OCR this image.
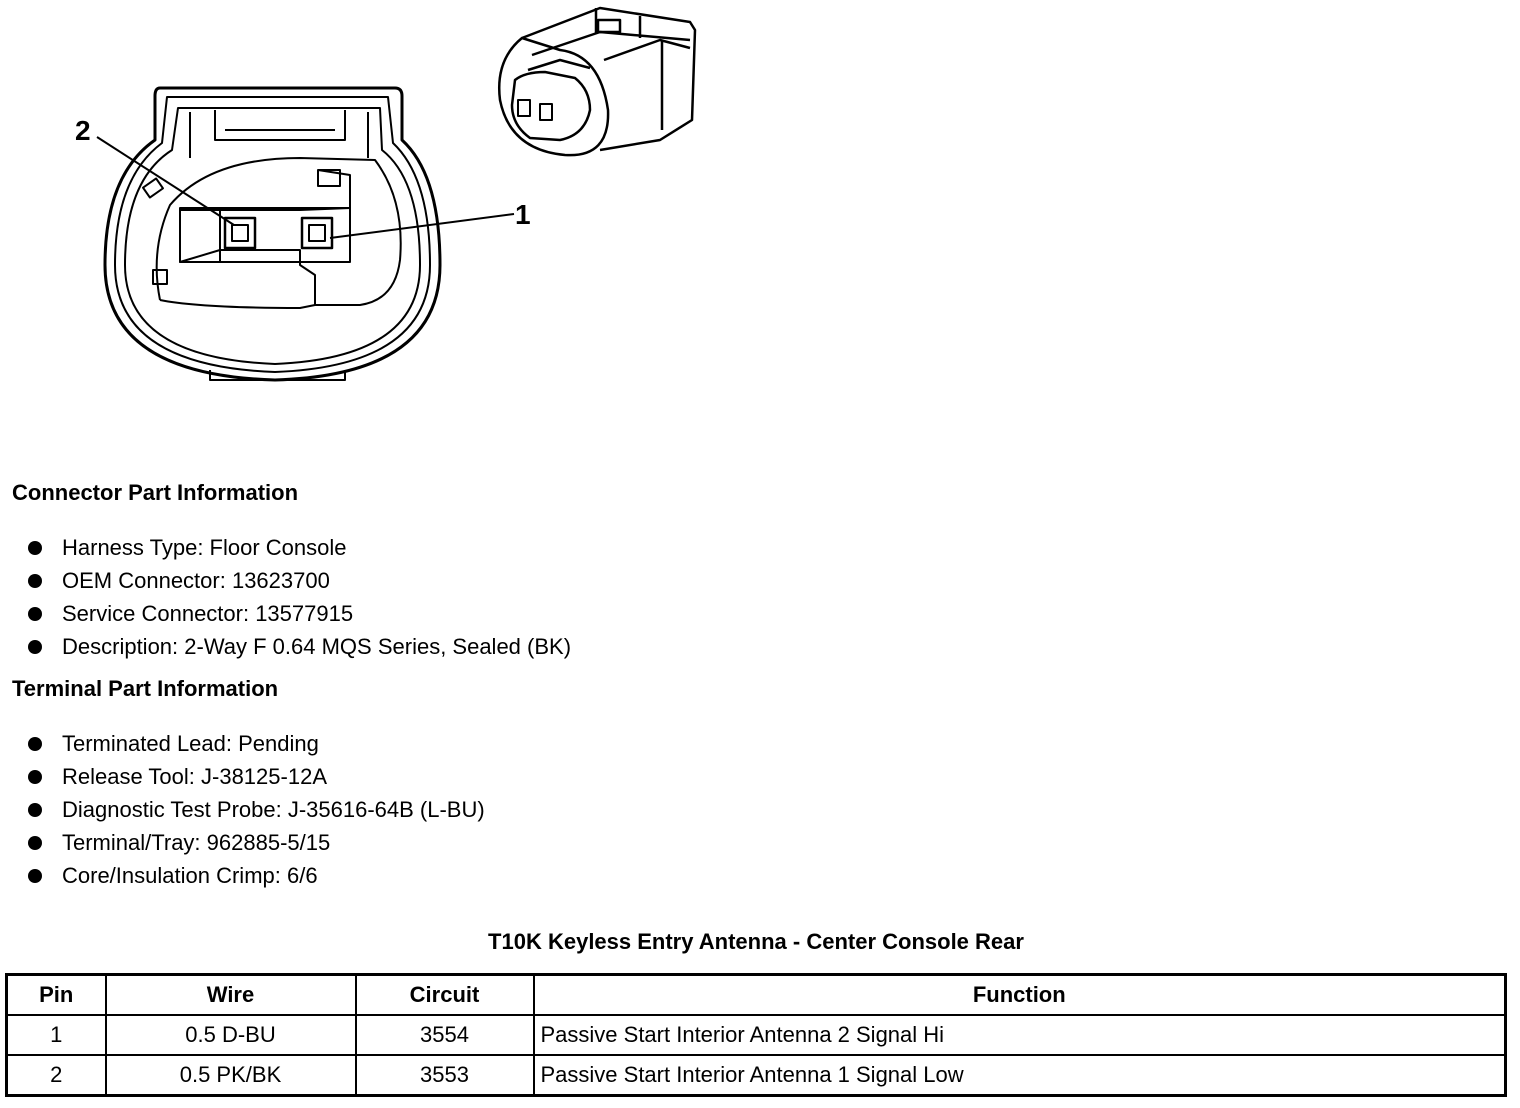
2
1
Connector Part Information
Harness Type: Floor Console
OEM Connector: 13623700
Service Connector: 13577915
Description: 2-Way F 0.64 MQS Series, Sealed (BK)
Terminal Part Information
Terminated Lead: Pending
Release Tool: J-38125-12A
Diagnostic Test Probe: J-35616-64B (L-BU)
Terminal/Tray: 962885-5/15
Core/Insulation Crimp: 6/6
T10K Keyless Entry Antenna - Center Console Rear
Pin	Wire	Circuit	Function
1	0.5 D-BU	3554	Passive Start Interior Antenna 2 Signal Hi
2	0.5 PK/BK	3553	Passive Start Interior Antenna 1 Signal Low
